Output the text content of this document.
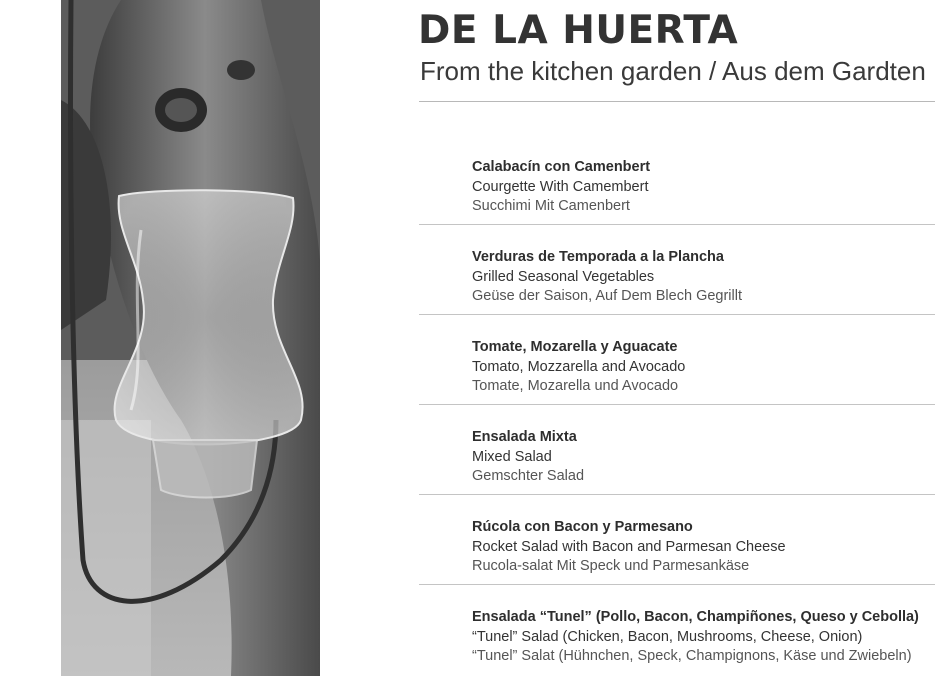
DE LA HUERTA
From the kitchen garden / Aus dem Gardten
Calabacín con Camenbert
Courgette With Camembert
Succhimi Mit Camenbert
Verduras de Temporada a la Plancha
Grilled Seasonal Vegetables
Geüse der Saison, Auf Dem Blech Gegrillt
Tomate, Mozarella y Aguacate
Tomato, Mozzarella and Avocado
Tomate, Mozarella und Avocado
Ensalada Mixta
Mixed Salad
Gemschter Salad
Rúcola con Bacon y Parmesano
Rocket Salad with Bacon and Parmesan Cheese
Rucola-salat Mit Speck und Parmesankäse
Ensalada “Tunel” (Pollo, Bacon, Champiñones, Queso y Cebolla)
“Tunel” Salad (Chicken, Bacon, Mushrooms, Cheese, Onion)
“Tunel” Salat (Hühnchen, Speck, Champignons, Käse und Zwiebeln)
